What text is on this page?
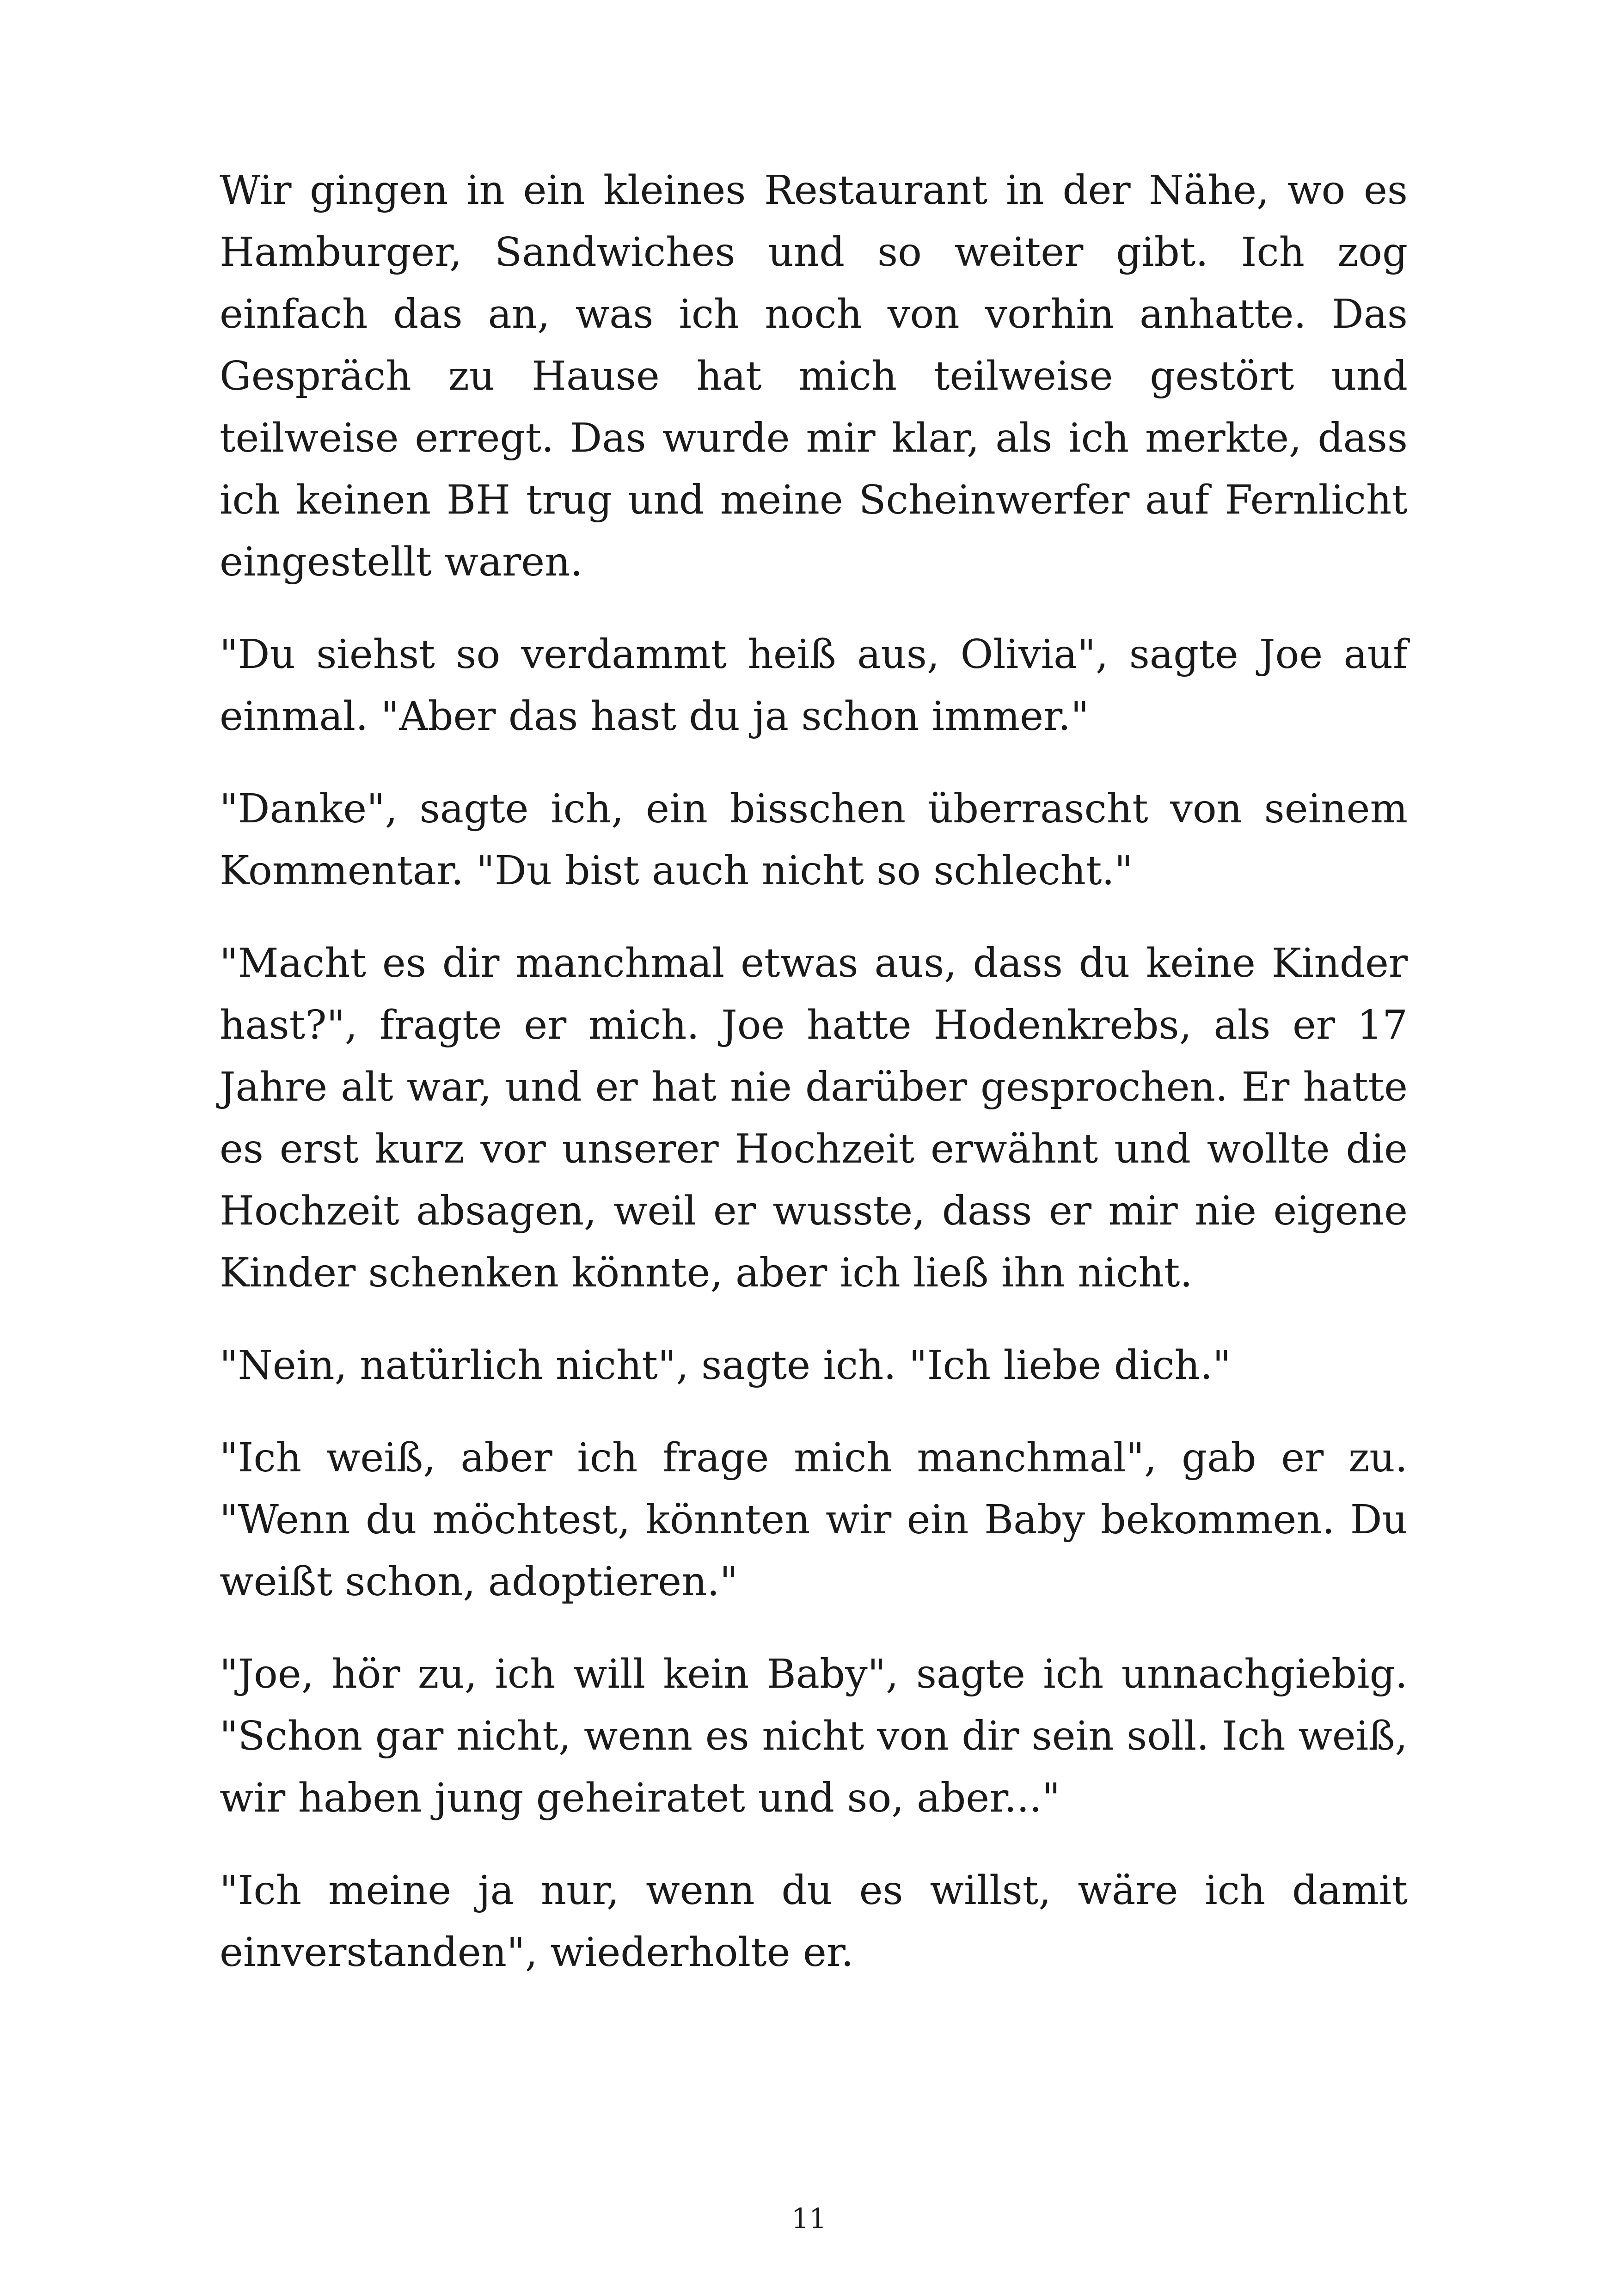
Wir gingen in ein kleines Restaurant in der Nähe, wo es Hamburger, Sandwiches und so weiter gibt. Ich zog einfach das an, was ich noch von vorhin anhatte. Das Gespräch zu Hause hat mich teilweise gestört und teilweise erregt. Das wurde mir klar, als ich merkte, dass ich keinen BH trug und meine Scheinwerfer auf Fernlicht eingestellt waren.

"Du siehst so verdammt heiß aus, Olivia", sagte Joe auf einmal. "Aber das hast du ja schon immer."

"Danke", sagte ich, ein bisschen überrascht von seinem Kommentar. "Du bist auch nicht so schlecht."

"Macht es dir manchmal etwas aus, dass du keine Kinder hast?", fragte er mich. Joe hatte Hodenkrebs, als er 17 Jahre alt war, und er hat nie darüber gesprochen. Er hatte es erst kurz vor unserer Hochzeit erwähnt und wollte die Hochzeit absagen, weil er wusste, dass er mir nie eigene Kinder schenken könnte, aber ich ließ ihn nicht.

"Nein, natürlich nicht", sagte ich. "Ich liebe dich."

"Ich weiß, aber ich frage mich manchmal", gab er zu. "Wenn du möchtest, könnten wir ein Baby bekommen. Du weißt schon, adoptieren."

"Joe, hör zu, ich will kein Baby", sagte ich unnachgiebig. "Schon gar nicht, wenn es nicht von dir sein soll. Ich weiß, wir haben jung geheiratet und so, aber..."

"Ich meine ja nur, wenn du es willst, wäre ich damit einverstanden", wiederholte er.

11
